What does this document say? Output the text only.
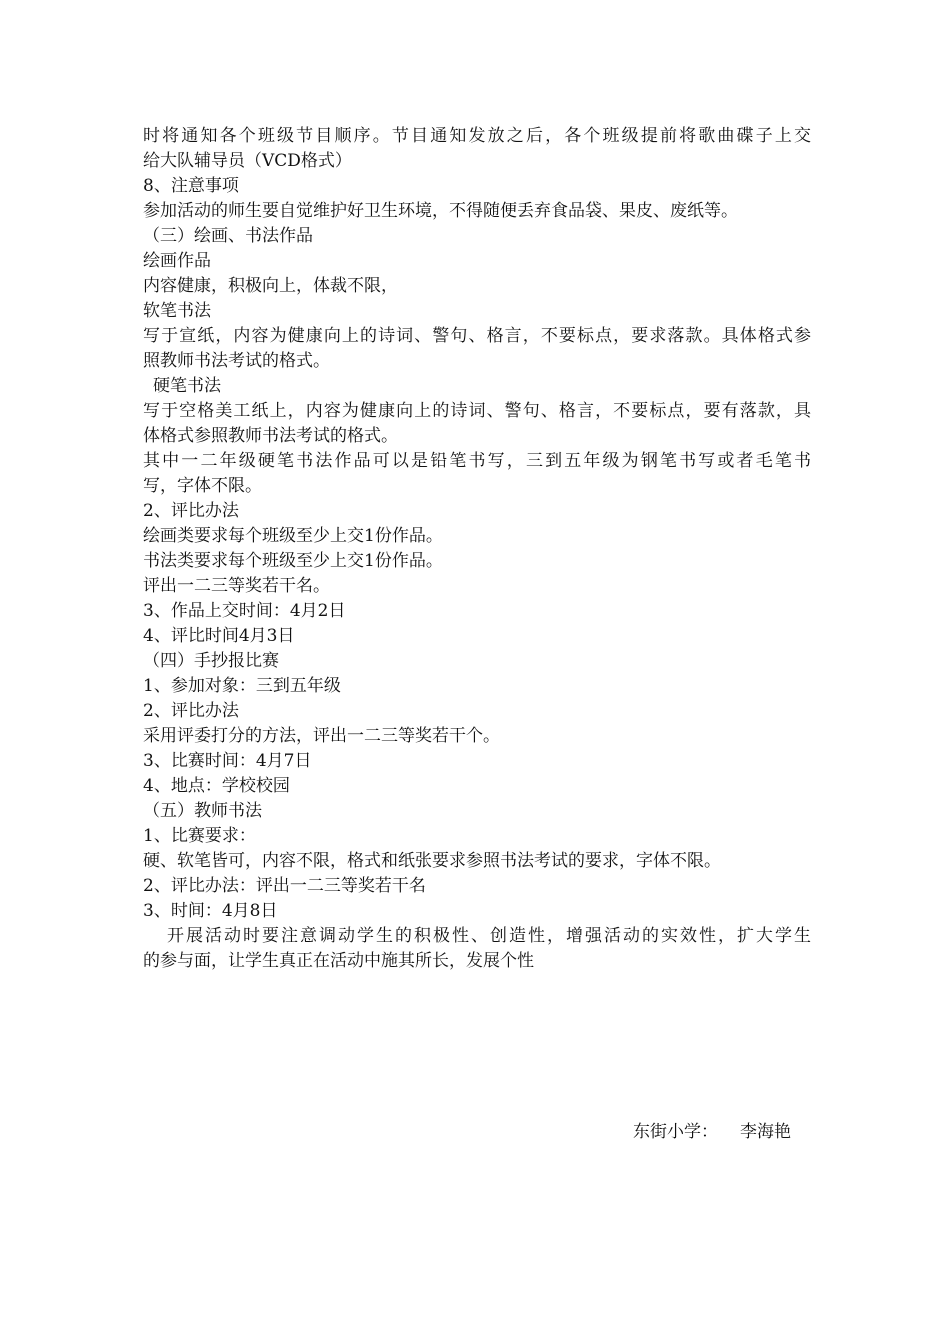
时将通知各个班级节目顺序。节目通知发放之后，各个班级提前将歌曲碟子上交
给大队辅导员（VCD格式）
8、注意事项
参加活动的师生要自觉维护好卫生环境，不得随便丢弃食品袋、果皮、废纸等。
（三）绘画、书法作品
绘画作品
内容健康，积极向上，体裁不限，
软笔书法
写于宣纸，内容为健康向上的诗词、警句、格言，不要标点，要求落款。具体格式参
照教师书法考试的格式。
硬笔书法
写于空格美工纸上，内容为健康向上的诗词、警句、格言，不要标点，要有落款，具
体格式参照教师书法考试的格式。
其中一二年级硬笔书法作品可以是铅笔书写，三到五年级为钢笔书写或者毛笔书
写，字体不限。
2、评比办法
绘画类要求每个班级至少上交1份作品。
书法类要求每个班级至少上交1份作品。
评出一二三等奖若干名。
3、作品上交时间：4月2日
4、评比时间4月3日
（四）手抄报比赛
1、参加对象：三到五年级
2、评比办法
采用评委打分的方法，评出一二三等奖若干个。
3、比赛时间：4月7日
4、地点：学校校园
（五）教师书法
1、比赛要求：
硬、软笔皆可，内容不限，格式和纸张要求参照书法考试的要求，字体不限。
2、评比办法：评出一二三等奖若干名
3、时间：4月8日
开展活动时要注意调动学生的积极性、创造性，增强活动的实效性，扩大学生
的参与面，让学生真正在活动中施其所长，发展个性
东街小学： 李海艳
